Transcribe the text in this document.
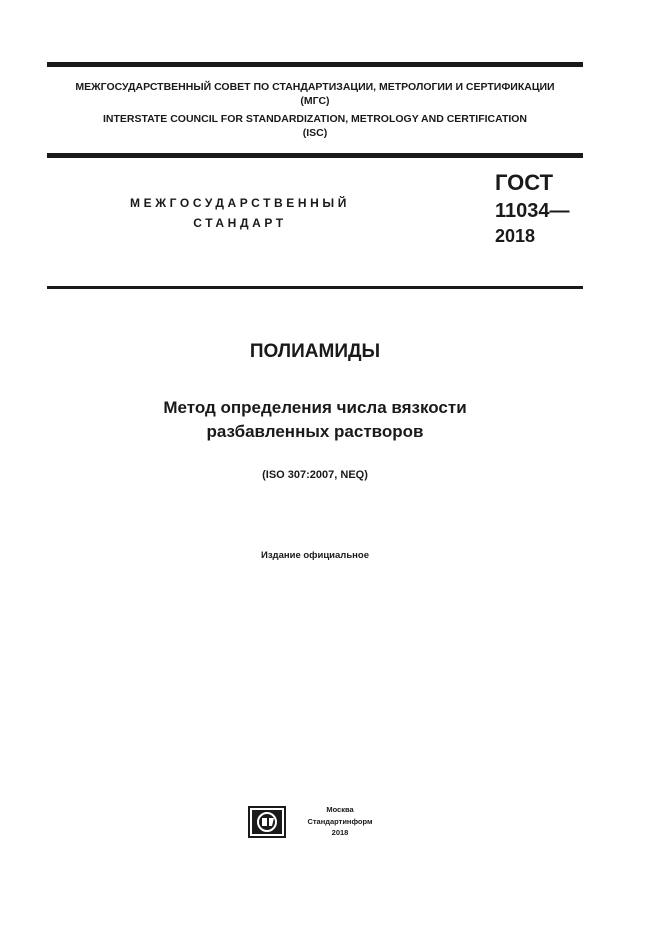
МЕЖГОСУДАРСТВЕННЫЙ СОВЕТ ПО СТАНДАРТИЗАЦИИ, МЕТРОЛОГИИ И СЕРТИФИКАЦИИ
(МГС)
INTERSTATE COUNCIL FOR STANDARDIZATION, METROLOGY AND CERTIFICATION
(ISC)
МЕЖГОСУДАРСТВЕННЫЙ
СТАНДАРТ
ГОСТ
11034—
2018
ПОЛИАМИДЫ
Метод определения числа вязкости
разбавленных растворов
(ISO 307:2007, NEQ)
Издание официальное
Москва
Стандартинформ
2018
